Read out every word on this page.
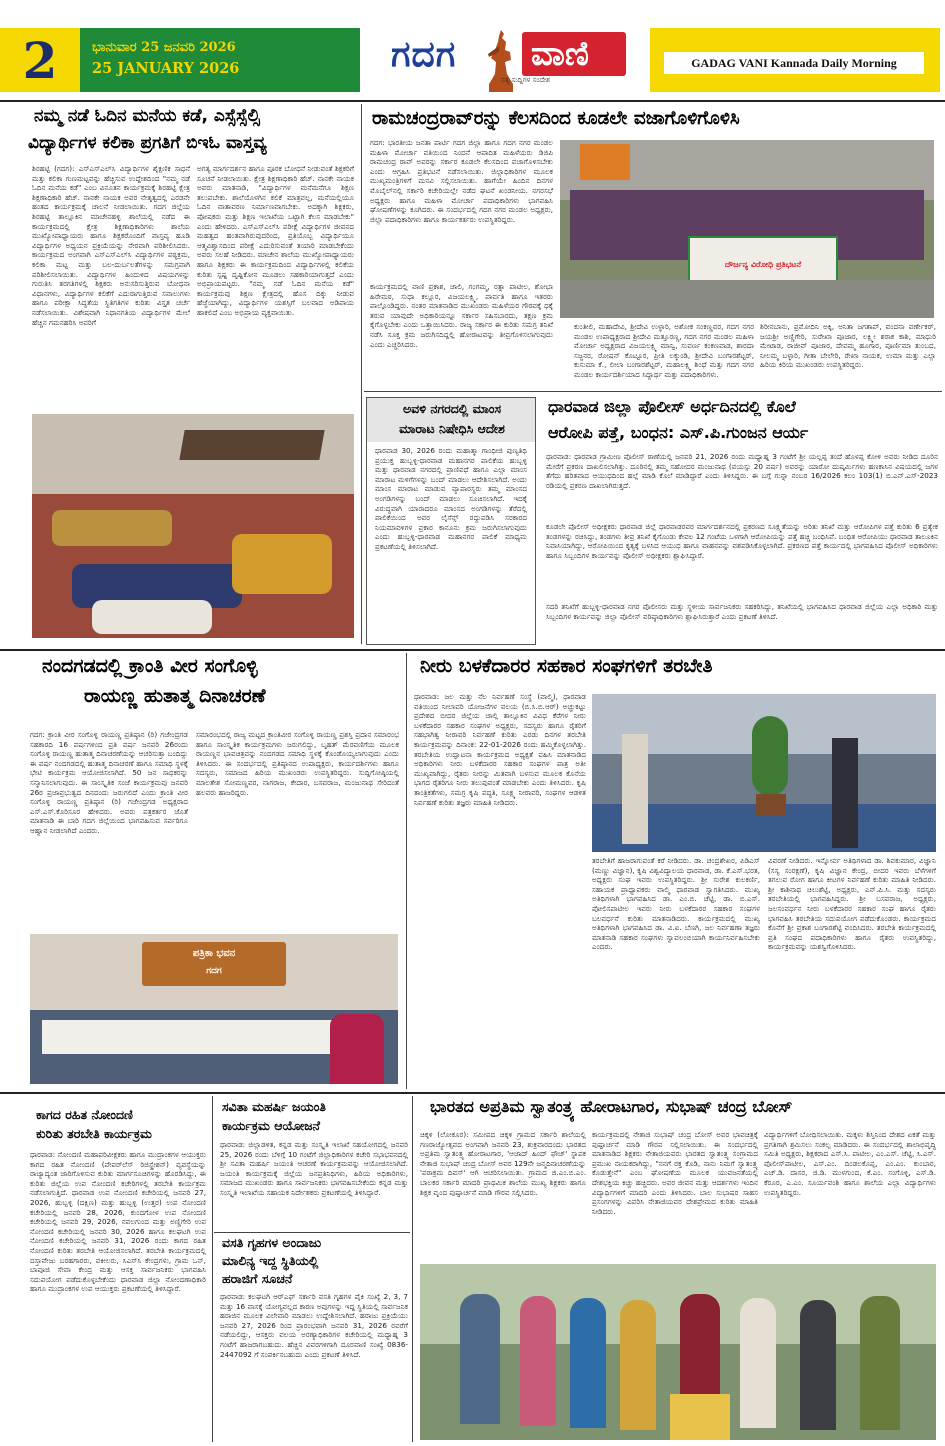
2	ಭಾನುವಾರ 25 ಜನವರಿ 2026
25 JANUARY 2026	ಗದಗ ವಾಣಿ
ಸತ್ಯ ಸುದ್ದಿಗಳ ಸಂದೇಶ
GADAG VANI Kannada Daily Morning
ನಮ್ಮ ನಡೆ ಓದಿನ ಮನೆಯ ಕಡೆ, ಎಸ್ಸೆಸ್ಸೆಲ್ಸಿ
ವಿದ್ಯಾರ್ಥಿಗಳ ಕಲಿಕಾ ಪ್ರಗತಿಗೆ ಬಿಇಓ ವಾಸ್ತವ್ಯ
ಶಿರಹಟ್ಟಿ (ಗದಗ): ಎಸ್‌ಎಸ್‌ಎಲ್‌ಸಿ ವಿದ್ಯಾರ್ಥಿಗಳ ಶೈಕ್ಷಣಿಕ ಸಾಧನೆ ಮತ್ತು ಕಲಿಕಾ ಗುಣಮಟ್ಟವನ್ನು ಹೆಚ್ಚಿಸುವ ಉದ್ದೇಶದಿಂದ "ನಮ್ಮ ನಡೆ ಓದಿನ ಮನೆಯ ಕಡೆ" ಎಂಬ ವಿನೂತನ ಕಾರ್ಯಕ್ರಮಕ್ಕೆ ಶಿರಹಟ್ಟಿ ಕ್ಷೇತ್ರ ಶಿಕ್ಷಣಾಧಿಕಾರಿ ಹೆಚ್. ನಾನಕೇ ನಾಯಕ ಅವರ ನೇತೃತ್ವದಲ್ಲಿ ಎರಡನೇ ಹಂತದ ಕಾರ್ಯಕ್ರಮಕ್ಕೆ ಚಾಲನೆ ನೀಡಲಾಯಿತು. ಗದಗ ಜಿಲ್ಲೆಯ ಶಿರಹಟ್ಟಿ ತಾಲ್ಲೂಕಿನ ಮಾಚೇನಹಳ್ಳಿ ಶಾಲೆಯಲ್ಲಿ ನಡೆದ ಈ ಕಾರ್ಯಕ್ರಮದಲ್ಲಿ ಕ್ಷೇತ್ರ ಶಿಕ್ಷಣಾಧಿಕಾರಿಗಳು ಶಾಲೆಯ ಮುಖ್ಯೋಪಾಧ್ಯಾಯರು ಹಾಗೂ ಶಿಕ್ಷಕರೊಂದಿಗೆ ವಾಸ್ತವ್ಯ ಹೂಡಿ ವಿದ್ಯಾರ್ಥಿಗಳ ಅಧ್ಯಯನ ಪ್ರಕ್ರಿಯೆಯನ್ನು ನೇರವಾಗಿ ಪರಿಶೀಲಿಸಿದರು. ಕಾರ್ಯಕ್ರಮದ ಅಂಗವಾಗಿ ಎಸ್‌ಎಸ್‌ಎಲ್‌ಸಿ ವಿದ್ಯಾರ್ಥಿಗಳ ಪಠ್ಯಕ್ರಮ, ಕಲಿಕಾ ಮಟ್ಟ ಮತ್ತು ಬಲ-ದುರ್ಬಲತೆಗಳನ್ನು ಸಮಗ್ರವಾಗಿ ಪರಿಶೀಲಿಸಲಾಯಿತು. ವಿದ್ಯಾರ್ಥಿಗಳ ಹಿಂದುಳಿದ ವಿಷಯಗಳನ್ನು ಗುರುತಿಸಿ ತರಗತಿಗಳಲ್ಲಿ ಶಿಕ್ಷಕರು ಅನುಸರಿಸುತ್ತಿರುವ ಬೋಧನಾ ವಿಧಾನಗಳು, ವಿದ್ಯಾರ್ಥಿಗಳ ಕಲಿಕೆಗೆ ಎದುರಾಗುತ್ತಿರುವ ಸವಾಲುಗಳು ಹಾಗೂ ಪರೀಕ್ಷಾ ಸಿದ್ಧತೆಯ ಸ್ಥಿತಿಗತಿಗಳ ಕುರಿತು ವಿಸ್ತೃತ ಚರ್ಚೆ ನಡೆಸಲಾಯಿತು. ವಿಶೇಷವಾಗಿ ನಿಧಾನಗತಿಯ ವಿದ್ಯಾರ್ಥಿಗಳ ಮೇಲೆ ಹೆಚ್ಚಿನ ಗಮನಹರಿಸಿ ಅವರಿಗೆ
ಅಗತ್ಯ ಮಾರ್ಗದರ್ಶನ ಹಾಗೂ ಪೂರಕ ಬೋಧನೆ ನೀಡುವಂತೆ ಶಿಕ್ಷಕರಿಗೆ ಸೂಚನೆ ನೀಡಲಾಯಿತು. ಕ್ಷೇತ್ರ ಶಿಕ್ಷಣಾಧಿಕಾರಿ ಹೆಚ್. ನಾನಕೇ ನಾಯಕ ಅವರು ಮಾತನಾಡಿ, "ವಿದ್ಯಾರ್ಥಿಗಳ ಮನೆಮನೆಗೂ ಶಿಕ್ಷಣ ತಲುಪಬೇಕು. ಶಾಲೆಯೊಳಗಿನ ಕಲಿಕೆ ಮಾತ್ರವಲ್ಲ, ಮನೆಯಲ್ಲಿಯೂ ಓದಿನ ವಾತಾವರಣ ನಿರ್ಮಾಣವಾಗಬೇಕು. ಅದಕ್ಕಾಗಿ ಶಿಕ್ಷಕರು, ಪೋಷಕರು ಮತ್ತು ಶಿಕ್ಷಣ ಇಲಾಖೆಯ ಒಟ್ಟಾಗಿ ಕೆಲಸ ಮಾಡಬೇಕು" ಎಂದು ಹೇಳಿದರು. ಎಸ್‌ಎಸ್‌ಎಲ್‌ಸಿ ಪರೀಕ್ಷೆ ವಿದ್ಯಾರ್ಥಿಗಳ ಜೀವನದ ಮಹತ್ವದ ಹಂತವಾಗಿರುವುದರಿಂದ, ಪ್ರತಿಯೊಬ್ಬ ವಿದ್ಯಾರ್ಥಿಯೂ ಆತ್ಮವಿಶ್ವಾಸದಿಂದ ಪರೀಕ್ಷೆ ಎದುರಿಸುವಂತೆ ತಯಾರಿ ಮಾಡಬೇಕೆಂದು ಅವರು ಸಲಹೆ ನೀಡಿದರು. ಮಾಚೇನ ಶಾಲೆಯ ಮುಖ್ಯೋಪಾಧ್ಯಾಯರು ಹಾಗೂ ಶಿಕ್ಷಕರು ಈ ಕಾರ್ಯಕ್ರಮದಿಂದ ವಿದ್ಯಾರ್ಥಿಗಳಲ್ಲಿ ಕಲಿಕೆಯ ಕುರಿತು ಸ್ಪಷ್ಟ ದೃಷ್ಟಿಕೋನ ಮೂಡಲು ಸಹಕಾರಿಯಾಗುತ್ತದೆ ಎಂದು ಅಭಿಪ್ರಾಯಪಟ್ಟರು. "ನಮ್ಮ ನಡೆ ಓದಿನ ಮನೆಯ ಕಡೆ" ಕಾರ್ಯಕ್ರಮವು ಶಿಕ್ಷಣ ಕ್ಷೇತ್ರದಲ್ಲಿ ಹೊಸ ದಿಕ್ಕು ನೀಡುವ ಹೆಜ್ಜೆಯಾಗಿದ್ದು, ವಿದ್ಯಾರ್ಥಿಗಳ ಯಶಸ್ಸಿಗೆ ಬಲವಾದ ಅಡಿಪಾಯ ಹಾಕಲಿದೆ ಎಂಬ ಅಭಿಪ್ರಾಯ ವ್ಯಕ್ತವಾಯಿತು.
ರಾಮಚಂದ್ರರಾವ್‌ರನ್ನು ಕೆಲಸದಿಂದ ಕೂಡಲೇ ವಜಾಗೊಳಿಗೊಳಿಸಿ
ಗದಗ: ಭಾರತೀಯ ಜನತಾ ಪಾರ್ಟಿ ಗದಗ ಜಿಲ್ಲಾ ಹಾಗೂ ಗದಗ ನಗರ ಮಂಡಲ ಮಹಿಳಾ ಮೋರ್ಚಾ ವತಿಯಿಂದ ನಿಂದನೆ ಆಪಾದಿತ ಮಹಿಳೆಯರು ಡಿಜಿಪಿ ರಾಮಚಂದ್ರ ರಾವ್ ಅವರನ್ನು ಸರ್ಕಾರ ಕೂಡಲೇ ಕೆಲಸದಿಂದ ವಜಾಗೊಳಿಸಬೇಕು ಎಂದು ಆಗ್ರಹಿಸಿ ಪ್ರತಿಭಟನೆ ನಡೆಸಲಾಯಿತು. ಜಿಲ್ಲಾಧಿಕಾರಿಗಳ ಮೂಲಕ ಮುಖ್ಯಮಂತ್ರಿಗಳಿಗೆ ಮನವಿ ಸಲ್ಲಿಸಲಾಯಿತು. ಹಾಗೆಯೇ ಹಿಂದಿನ ದಿನಗಳ ಮೊಬೈಲ್‌ನಲ್ಲಿ ಸರ್ಕಾರಿ ಕಚೇರಿಯಲ್ಲೇ ನಡೆದ ಘಟನೆ ಖಂಡನೀಯ. ನಗರಸಭೆ ಅಧ್ಯಕ್ಷರು ಹಾಗೂ ಮಹಿಳಾ ಮೋರ್ಚಾ ಪದಾಧಿಕಾರಿಗಳು ಭಾಗವಹಿಸಿ ಘೋಷಣೆಗಳನ್ನು ಕೂಗಿದರು. ಈ ಸಂದರ್ಭದಲ್ಲಿ ಗದಗ ನಗರ ಮಂಡಲ ಅಧ್ಯಕ್ಷರು, ಜಿಲ್ಲಾ ಪದಾಧಿಕಾರಿಗಳು ಹಾಗೂ ಕಾರ್ಯಕರ್ತರು ಉಪಸ್ಥಿತರಿದ್ದರು.
ಕಾರ್ಯಕ್ರಮದಲ್ಲಿ ವಾಣಿ ಪ್ರಕಾಶ, ಜಾಲಿ, ಗಂಗಮ್ಮ, ರತ್ನಾ ಪಾಟೀಲ, ಶೋಭಾ ಹಿರೇಮಠ, ಸುಧಾ ಕಲ್ಲೂರ, ವಿಜಯಲಕ್ಷ್ಮಿ, ಪಾರ್ವತಿ ಹಾಗೂ ಇತರರು ಪಾಲ್ಗೊಂಡಿದ್ದರು. ನಂತರ ಮಾತನಾಡಿದ ಮುಖಂಡರು ಮಹಿಳೆಯರ ಗೌರವಕ್ಕೆ ಧಕ್ಕೆ ತರುವ ಯಾವುದೇ ಅಧಿಕಾರಿಯನ್ನೂ ಸರ್ಕಾರ ಸಹಿಸಬಾರದು, ತಕ್ಷಣ ಕ್ರಮ ಕೈಗೊಳ್ಳಬೇಕು ಎಂದು ಒತ್ತಾಯಿಸಿದರು. ರಾಜ್ಯ ಸರ್ಕಾರ ಈ ಕುರಿತು ಸಮಗ್ರ ತನಿಖೆ ನಡೆಸಿ ಸೂಕ್ತ ಕ್ರಮ ಜರುಗಿಸದಿದ್ದಲ್ಲಿ ಹೋರಾಟವನ್ನು ತೀವ್ರಗೊಳಿಸಲಾಗುವುದು ಎಂದು ಎಚ್ಚರಿಸಿದರು.
ದೌರ್ಜನ್ಯ ವಿರೋಧಿ ಪ್ರತಿಭಟನೆ
ಕುಂತೀಲಿ, ಮಹಾದೇವಿ, ಶ್ರೀದೇವಿ ಉಳ್ಳಾರಿ, ಅಶೋಕ ಸಂಕಣ್ಣವರ, ಗದಗ ನಗರ ಮಂಡಲ ಉಪಾಧ್ಯಕ್ಷರಾದ ಶ್ರೀದೇವಿ ಮತ್ತೂರಣ್ಣ, ಗದಗ ನಗರ ಮಂಡಲ ಮಹಿಳಾ ಮೋರ್ಚಾ ಅಧ್ಯಕ್ಷರಾದ ವಿಜಯಲಕ್ಷ್ಮಿ ಮಾನ್ವಿ, ಸುವರ್ಣ ಕಂಕಣವಾಡ, ಶಾರದಾ ಸಜ್ಜನರ, ರೋಷನ್ ಕೊಟ್ಟೂರ, ಪ್ರೀತಿ ಲಕ್ಕುಂಡಿ, ಶ್ರೀದೇವಿ ಬಂಗಾರಶೆಟ್ಟರ್, ಕುಸುಮಾ ಕೆ., ಲೀಲಾ ಬಂಗಾರಶೆಟ್ಟರ್, ಮಹಾಲಕ್ಷ್ಮಿ ಶಿಂಧೆ ಮತ್ತು ಗದಗ ನಗರ ಮಂಡಲ ಕಾರ್ಯದರ್ಶಿಯಾದ ಸಿದ್ದಾರ್ಥ ಮತ್ತು ಪದಾಧಿಕಾರಿಗಳು.
ಶಿರೀನಬಾನು, ಪ್ರಮೋದಿನಿ ಅಕ್ಕಿ, ಅನಿತಾ ಜಗತಾಪ್, ವಂದನಾ ವರ್ಣೇಕರ್, ಜಯಶ್ರೀ ಅಣ್ಣಿಗೇರಿ, ಸುರೇಖಾ ಪೂಜಾರ, ಲಕ್ಷ್ಮೀ ಶರಾಕ ಕಾಶಿ, ಮಾಧುರಿ ಮೇಟಾಡ, ರಾಜೀವ್ ಪೂಜಾರ, ದೇವಮ್ಮ ಹೂಗಾರ, ಪೂರ್ಣಿಮಾ ತುಂಬದ, ನೀಲಮ್ಮ ಬಳ್ಳಾರಿ, ಗೀತಾ ಬೇಲೇರಿ, ರೇಖಾ ನಾಯಕ, ಉಮಾ ಮತ್ತು ಎಲ್ಲಾ ಹಿರಿಯ ಕಿರಿಯ ಮುಖಂಡರು ಉಪಸ್ಥಿತರಿದ್ದರು.
ಅವಳಿ ನಗರದಲ್ಲಿ ಮಾಂಸ
ಮಾರಾಟ ನಿಷೇಧಿಸಿ ಆದೇಶ
ಧಾರವಾಡ 30, 2026 ರಂದು ಮಹಾತ್ಮಾ ಗಾಂಧೀಜಿ ಪುಣ್ಯತಿಥಿ ಪ್ರಯುಕ್ತ ಹುಬ್ಬಳ್ಳಿ-ಧಾರವಾಡ ಮಹಾನಗರ ಪಾಲಿಕೆಯ ಹುಬ್ಬಳ್ಳಿ ಮತ್ತು ಧಾರವಾಡ ನಗರದಲ್ಲಿ ಪ್ರಾಣಿವಧೆ ಹಾಗೂ ಎಲ್ಲಾ ಮಾಂಸ ಮಾರಾಟ ಮಳಿಗೆಗಳನ್ನು ಬಂದ್ ಮಾಡಲು ಆದೇಶಿಸಲಾಗಿದೆ. ಅಂದು ಮಾಂಸ ಮಾರಾಟ ಮಾಡುವ ವ್ಯಾಪಾರಸ್ಥರು ತಮ್ಮ ಮಾಂಸದ ಅಂಗಡಿಗಳನ್ನು ಬಂದ್ ಮಾಡಲು ಸೂಚಿಸಲಾಗಿದೆ. ಇದಕ್ಕೆ ವಿರುದ್ಧವಾಗಿ ಯಾರಾದರೂ ಮಾಂಸದ ಅಂಗಡಿಗಳನ್ನು ತೆರೆದಲ್ಲಿ ಪಾಲಿಕೆಯಿಂದ ಅವರ ಲೈಸೆನ್ಸ್ ರದ್ದುಪಡಿಸಿ ಸರಕಾರದ ನಿಯಮಾವಳಿಗಳ ಪ್ರಕಾರ ಕಾನೂನು ಕ್ರಮ ಜರುಗಿಸಲಾಗುವುದು ಎಂದು ಹುಬ್ಬಳ್ಳಿ-ಧಾರವಾಡ ಮಹಾನಗರ ಪಾಲಿಕೆ ಮಾಧ್ಯಮ ಪ್ರಕಟಣೆಯಲ್ಲಿ ತಿಳಿಸಲಾಗಿದೆ.
ಧಾರವಾಡ ಜಿಲ್ಲಾ ಪೊಲೀಸ್ ಅರ್ಧದಿನದಲ್ಲಿ ಕೊಲೆ
ಆರೋಪಿ ಪತ್ತೆ, ಬಂಧನ: ಎಸ್.ಪಿ.ಗುಂಜನ ಆರ್ಯ
ಧಾರವಾಡ: ಧಾರವಾಡ ಗ್ರಾಮೀಣ ಪೊಲೀಸ್ ಠಾಣೆಯಲ್ಲಿ ಜನವರಿ 21, 2026 ರಂದು ಮಧ್ಯಾಹ್ನ 3 ಗಂಟೆಗೆ ಶ್ರೀ ಯಲ್ಲಪ್ಪ ತಂದೆ ಹೊಳಪ್ಪ ಕೋಳಿ ಅವರು ನೀಡಿದ ದೂರಿನ ಮೇರೆಗೆ ಪ್ರಕರಣ ದಾಖಲಿಸಲಾಗಿತ್ತು. ದೂರಿನಲ್ಲಿ ತಮ್ಮ ಸಹೋದರ ಮಂಜುನಾಥ (ವಯಸ್ಸು 20 ವರ್ಷ) ಅವರನ್ನು ಯಾರೋ ದುಷ್ಕರ್ಮಿಗಳು ಹಣಕಾಸಿನ ವಿಷಯದಲ್ಲಿ ಜಗಳ ತೆಗೆದು ಹರಿತವಾದ ಆಯುಧದಿಂದ ಹಲ್ಲೆ ಮಾಡಿ ಕೊಲೆ ಮಾಡಿದ್ದಾರೆ ಎಂದು ತಿಳಿಸಿದ್ದರು. ಈ ಬಗ್ಗೆ ಗುನ್ನಾ ನಂಬರ 16/2026 ಕಲಂ 103(1) ಬಿ.ಎನ್.ಎಸ್-2023 ರಡಿಯಲ್ಲಿ ಪ್ರಕರಣ ದಾಖಲಾಗಿರುತ್ತದೆ.
ಕೂಡಲೇ ಪೊಲೀಸ್ ಅಧೀಕ್ಷಕರು ಧಾರವಾಡ ಜಿಲ್ಲೆ ಧಾರವಾಡರವರ ಮಾರ್ಗದರ್ಶನದಲ್ಲಿ ಪ್ರಕರಣದ ಸೂಕ್ಷ್ಮತೆಯನ್ನು ಅರಿತು ತನಿಖೆ ಮತ್ತು ಆರೋಪಿಗಳ ಪತ್ತೆ ಕುರಿತು 6 ಪ್ರತ್ಯೇಕ ತಂಡಗಳನ್ನು ರಚಿಸಿದ್ದು, ತಂಡಗಳು ತೀವ್ರ ತನಿಖೆ ಕೈಗೊಂಡು ಕೇವಲ 12 ಗಂಟೆಯ ಒಳಗಾಗಿ ಆರೋಪಿಯನ್ನು ಪತ್ತೆ ಹಚ್ಚಿ ಬಂಧಿಸಿವೆ. ಬಂಧಿತ ಆರೋಪಿಯು ಧಾರವಾಡ ತಾಲೂಕಿನ ನಿವಾಸಿಯಾಗಿದ್ದು, ಆರೋಪಿಯಿಂದ ಕೃತ್ಯಕ್ಕೆ ಬಳಸಿದ ಆಯುಧ ಹಾಗೂ ವಾಹನವನ್ನು ವಶಪಡಿಸಿಕೊಳ್ಳಲಾಗಿದೆ. ಪ್ರಕರಣದ ಪತ್ತೆ ಕಾರ್ಯದಲ್ಲಿ ಭಾಗವಹಿಸಿದ ಪೊಲೀಸ್ ಅಧಿಕಾರಿಗಳು ಹಾಗೂ ಸಿಬ್ಬಂದಿಗಳ ಕಾರ್ಯವನ್ನು ಪೊಲೀಸ್ ಅಧೀಕ್ಷಕರು ಶ್ಲಾಘಿಸಿದ್ದಾರೆ.
ಸದರಿ ತನಿಖೆಗೆ ಹುಬ್ಬಳ್ಳಿ-ಧಾರವಾಡ ನಗರ ಪೊಲೀಸರು ಮತ್ತು ಸ್ಥಳೀಯ ಸಾರ್ವಜನಿಕರು ಸಹಕರಿಸಿದ್ದು, ತನಿಖೆಯಲ್ಲಿ ಭಾಗವಹಿಸಿದ ಧಾರವಾಡ ಜಿಲ್ಲೆಯ ಎಲ್ಲಾ ಅಧಿಕಾರಿ ಮತ್ತು ಸಿಬ್ಬಂದಿಗಳ ಕಾರ್ಯವನ್ನು ಜಿಲ್ಲಾ ಪೊಲೀಸ್ ವರಿಷ್ಠಾಧಿಕಾರಿಗಳು ಶ್ಲಾಘಿಸಿರುತ್ತಾರೆ ಎಂದು ಪ್ರಕಟಣೆ ತಿಳಿಸಿದೆ.
ನಂದಗಡದಲ್ಲಿ ಕ್ರಾಂತಿ ವೀರ ಸಂಗೊಳ್ಳಿ
ರಾಯಣ್ಣ ಹುತಾತ್ಮ ದಿನಾಚರಣೆ
ಗದಗ: ಕ್ರಾಂತಿ ವೀರ ಸಂಗೊಳ್ಳಿ ರಾಯಣ್ಣ ಪ್ರತಿಷ್ಠಾನ (ರಿ) ಗಜೇಂದ್ರಗಡ ಸಹಕಾರದಿ 16 ವರ್ಷಗಳಿಂದ ಪ್ರತಿ ವರ್ಷ ಜನವರಿ 26ರಂದು ಸಂಗೊಳ್ಳಿ ರಾಯಣ್ಣ ಹುತಾತ್ಮ ದಿನಾಚರಣೆಯನ್ನು ಆಚರಿಸುತ್ತಾ ಬಂದಿದ್ದು ಈ ವರ್ಷ ನಂದಗಡದಲ್ಲಿ ಹುತಾತ್ಮ ದಿನಾಚರಣೆ ಹಾಗೂ ಸಮಾಧಿ ಸ್ಥಳಕ್ಕೆ ಭೇಟಿ ಕಾರ್ಯಕ್ರಮ ಆಯೋಜಿಸಲಾಗಿದೆ. 50 ಜನ ಸಾಧಕರನ್ನು ಸನ್ಮಾನಿಸಲಾಗುವುದು. ಈ ಸಾಂಸ್ಕೃತಿಕ ಸಂಜೆ ಕಾರ್ಯಕ್ರಮವು ಜನವರಿ 26ರ ಪ್ರಜಾಪ್ರಭುತ್ವದ ದಿನದಂದು ಜರುಗಲಿದೆ ಎಂದು ಕ್ರಾಂತಿ ವೀರ ಸಂಗೊಳ್ಳಿ ರಾಯಣ್ಣ ಪ್ರತಿಷ್ಠಾನ (ರಿ) ಗಜೇಂದ್ರಗಡ ಅಧ್ಯಕ್ಷರಾದ ಎಸ್.ಎಸ್.ಕೊರಿಸೂರ ಹೇಳಿದರು. ಅವರು ಪತ್ರಕರ್ತರ ಜೊತೆ ಮಾತನಾಡಿ ಈ ಬಾರಿ ಗದಗ ಜಿಲ್ಲೆಯಿಂದ ಭಾಗವಹಿಸುವ ಸರ್ವರಿಗೂ ಆಹ್ವಾನ ನೀಡಲಾಗಿದೆ ಎಂದರು.
ಸಮಾರಂಭದಲ್ಲಿ ರಾಜ್ಯ ಮಟ್ಟದ ಕ್ರಾಂತಿವೀರ ಸಂಗೊಳ್ಳಿ ರಾಯಣ್ಣ ಪ್ರಶಸ್ತಿ ಪ್ರದಾನ ಸಮಾರಂಭ ಹಾಗೂ ಸಾಂಸ್ಕೃತಿಕ ಕಾರ್ಯಕ್ರಮಗಳು ಜರುಗಲಿದ್ದು, ಬೃಹತ್ ಮೆರವಣಿಗೆಯ ಮೂಲಕ ರಾಯಣ್ಣನ ಭಾವಚಿತ್ರವನ್ನು ನಂದಗಡದ ಸಮಾಧಿ ಸ್ಥಳಕ್ಕೆ ಕೊಂಡೊಯ್ಯಲಾಗುವುದು ಎಂದು ತಿಳಿಸಿದರು. ಈ ಸಂದರ್ಭದಲ್ಲಿ ಪ್ರತಿಷ್ಠಾನದ ಉಪಾಧ್ಯಕ್ಷರು, ಕಾರ್ಯದರ್ಶಿಗಳು ಹಾಗೂ ಸದಸ್ಯರು, ಸಮಾಜದ ಹಿರಿಯ ಮುಖಂಡರು ಉಪಸ್ಥಿತರಿದ್ದರು. ಸುದ್ದಿಗೋಷ್ಠಿಯಲ್ಲಿ ಮಾಲತೇಶ ಸೋಮಣ್ಣವರ, ನಾಗರಾಜ, ಕೇದಾರ, ಬಸವರಾಜ, ಮಂಜುನಾಥ ಸೇರಿದಂತೆ ಹಲವರು ಹಾಜರಿದ್ದರು.
ಪತ್ರಿಕಾ ಭವನ
ಗದಗ
ನೀರು ಬಳಕೆದಾರರ ಸಹಕಾರ ಸಂಘಗಳಿಗೆ ತರಬೇತಿ
ಧಾರವಾಡ: ಜಲ ಮತ್ತು ನೆಲ ನಿರ್ವಹಣೆ ಸಂಸ್ಥೆ (ವಾಲ್ಮಿ), ಧಾರವಾಡ ವತಿಯಿಂದ ನೀಲಾವರಿ ಯೋಜನೆಗಳ ವಲಯ (ಬಿ.ಸಿ.ಬಿ.ಆರ್) ಅಚ್ಚುಕಟ್ಟು ಪ್ರದೇಶದ ಬೀದರ ಜಿಲ್ಲೆಯ ಜಾಲ್ಗಿ ತಾಲ್ಲೂಕಿನ ವಿವಿಧ ಕೆರೆಗಳ ನೀರು ಬಳಕೆದಾರರ ಸಹಕಾರ ಸಂಘಗಳ ಅಧ್ಯಕ್ಷರು, ಸದಸ್ಯರು ಹಾಗೂ ರೈತರಿಗೆ ಸಹಭಾಗಿತ್ವ ನೀರಾವರಿ ನಿರ್ವಹಣೆ ಕುರಿತು ಎರಡು ದಿನಗಳ ತರಬೇತಿ ಕಾರ್ಯಕ್ರಮವನ್ನು ದಿನಾಂಕ: 22-01-2026 ರಂದು ಹಮ್ಮಿಕೊಳ್ಳಲಾಗಿತ್ತು. ತರಬೇತಿಯ ಉದ್ಘಾಟನಾ ಕಾರ್ಯಕ್ರಮದ ಅಧ್ಯಕ್ಷತೆ ವಹಿಸಿ ಮಾತನಾಡಿದ ಅಧಿಕಾರಿಗಳು ನೀರು ಬಳಕೆದಾರರ ಸಹಕಾರ ಸಂಘಗಳ ಪಾತ್ರ ಅತೀ ಮುಖ್ಯವಾಗಿದ್ದು, ರೈತರು ನೀರನ್ನು ಮಿತವಾಗಿ ಬಳಸುವ ಮೂಲಕ ಕೊನೆಯ ಭಾಗದ ರೈತರಿಗೂ ನೀರು ತಲುಪುವಂತೆ ಮಾಡಬೇಕು ಎಂದು ತಿಳಿಸಿದರು. ಕೃಷಿ ತಾಂತ್ರಿಕತೆಗಳು, ಸಮಗ್ರ ಕೃಷಿ ಪದ್ಧತಿ, ಸೂಕ್ಷ್ಮ ನೀರಾವರಿ, ಸಂಘಗಳ ಆಡಳಿತ ನಿರ್ವಹಣೆ ಕುರಿತು ತಜ್ಞರು ಮಾಹಿತಿ ನೀಡಿದರು.
ತರಬೇತಿಗೆ ಹಾಜರಾಗುವಂತೆ ಕರೆ ನೀಡಿದರು. ಡಾ. ಚಂದ್ರಶೇಖರ, ಪಿಡಿಎಸ್‌ (ಮಣ್ಣು ವಿಜ್ಞಾನ), ಕೃಷಿ ವಿಶ್ವವಿದ್ಯಾಲಯ ಧಾರವಾಡ, ಡಾ. ಕೆ.ಎಸ್.ಭರತ, ಅಧ್ಯಕ್ಷರು ಸಂಘ ಇವರು ಉಪಸ್ಥಿತರಿದ್ದರು. ಶ್ರೀ ಸುರೇಶ ಕುಲಕರ್ಣಿ, ಸಹಾಯಕ ಪ್ರಾಧ್ಯಾಪಕರು ವಾಲ್ಮಿ ಧಾರವಾಡ ಸ್ವಾಗತಿಸಿದರು. ಮುಖ್ಯ ಅತಿಥಿಗಳಾಗಿ ಭಾಗವಹಿಸಿದ ಡಾ. ಎಂ.ಬಿ. ಚೆಟ್ಟಿ, ಡಾ. ಬಿ.ಎಸ್. ಪೋಲಿಸಪಾಟೀಲ ಇವರು ನೀರು ಬಳಕೆದಾರರ ಸಹಕಾರ ಸಂಘಗಳ ಬಲವರ್ಧನೆ ಕುರಿತು ಮಾತನಾಡಿದರು. ಕಾರ್ಯಕ್ರಮದಲ್ಲಿ ಮುಖ್ಯ ಅತಿಥಿಗಳಾಗಿ ಭಾಗವಹಿಸಿದ ಡಾ. ವಿ.ಐ. ಬೆಣಗಿ, ಜಲ ನಿರ್ವಹಣಾ ತಜ್ಞರು ಮಾತನಾಡಿ ಸಹಕಾರ ಸಂಘಗಳು ಸ್ವಾವಲಂಬಿಯಾಗಿ ಕಾರ್ಯನಿರ್ವಹಿಸಬೇಕು ಎಂದರು.
ವಿವರಣೆ ನೀಡಿದರು. ಇನ್ನೋರ್ವ ಅತಿಥಿಗಳಾದ ಡಾ. ಶಿವಕುಮಾರ, ವಿಜ್ಞಾನಿ (ಸಸ್ಯ ಸಂರಕ್ಷಣೆ), ಕೃಷಿ ವಿಜ್ಞಾನ ಕೇಂದ್ರ, ಬೀದರ ಇವರು ಬೆಳೆಗಳಿಗೆ ತಗಲುವ ರೋಗ ಹಾಗೂ ಕೀಟಗಳ ನಿರ್ವಹಣೆ ಕುರಿತು ಮಾಹಿತಿ ನೀಡಿದರು. ಶ್ರೀ ಕಾಶಿನಾಥ ಚಿಲುಶೆಟ್ಟಿ, ಅಧ್ಯಕ್ಷರು, ಎನ್.ಪಿ.ಸಿ. ಮತ್ತು ಸದಸ್ಯರು ತರಬೇತಿಯಲ್ಲಿ ಭಾಗವಹಿಸಿದ್ದರು. ಶ್ರೀ ಬಸವರಾಜ, ಅಧ್ಯಕ್ಷರು, ಜಲಸಂವರ್ಧನ ನೀರು ಬಳಕೆದಾರರ ಸಹಕಾರ ಸಂಘ ಹಾಗೂ ರೈತರು ಭಾಗವಹಿಸಿ ತರಬೇತಿಯ ಸದುಪಯೋಗ ಪಡೆದುಕೊಂಡರು. ಕಾರ್ಯಕ್ರಮದ ಕೊನೆಗೆ ಶ್ರೀ ಪ್ರಕಾಶ ಬಂಗಾರಶೆಟ್ಟಿ ವಂದಿಸಿದರು. ತರಬೇತಿ ಕಾರ್ಯಕ್ರಮದಲ್ಲಿ ಪ್ರತಿ ಸಂಘದ ಪದಾಧಿಕಾರಿಗಳು ಹಾಗೂ ರೈತರು ಉಪಸ್ಥಿತರಿದ್ದು, ಕಾರ್ಯಕ್ರಮವನ್ನು ಯಶಸ್ವಿಗೊಳಿಸಿದರು.
ಕಾಗದ ರಹಿತ ನೋಂದಣಿ
ಕುರಿತು ತರಬೇತಿ ಕಾರ್ಯಕ್ರಮ
ಧಾರವಾಡ: ನೋಂದಣಿ ಮಹಾಪರಿವೀಕ್ಷಕರು ಹಾಗೂ ಮುದ್ರಾಂಕಗಳ ಆಯುಕ್ತರು ಕಾಗದ ರಹಿತ ನೋಂದಣಿ (ಪೇಪರ್‌ಲೆಸ್ ರಿಜಿಸ್ಟ್ರೇಶನ್) ವ್ಯವಸ್ಥೆಯನ್ನು ರಾಜ್ಯಾದ್ಯಂತ ಜಾರಿಗೊಳಿಸುವ ಕುರಿತು ಮಾರ್ಗಸೂಚಿಗಳನ್ನು ಹೊರಡಿಸಿದ್ದು, ಈ ಕುರಿತು ಜಿಲ್ಲೆಯ ಉಪ ನೋಂದಣಿ ಕಚೇರಿಗಳಲ್ಲಿ ತರಬೇತಿ ಕಾರ್ಯಕ್ರಮ ನಡೆಸಲಾಗುತ್ತಿದೆ. ಧಾರವಾಡ ಉಪ ನೋಂದಣಿ ಕಚೇರಿಯಲ್ಲಿ ಜನವರಿ 27, 2026, ಹುಬ್ಬಳ್ಳಿ (ದಕ್ಷಿಣ) ಮತ್ತು ಹುಬ್ಬಳ್ಳಿ (ಉತ್ತರ) ಉಪ ನೋಂದಣಿ ಕಚೇರಿಯಲ್ಲಿ ಜನವರಿ 28, 2026, ಕುಂದಗೋಳ ಉಪ ನೋಂದಣಿ ಕಚೇರಿಯಲ್ಲಿ ಜನವರಿ 29, 2026, ನವಲಗುಂದ ಮತ್ತು ಅಣ್ಣಿಗೇರಿ ಉಪ ನೋಂದಣಿ ಕಚೇರಿಯಲ್ಲಿ ಜನವರಿ 30, 2026 ಹಾಗೂ ಕಲಘಟಗಿ ಉಪ ನೋಂದಣಿ ಕಚೇರಿಯಲ್ಲಿ ಜನವರಿ 31, 2026 ರಂದು ಕಾಗದ ರಹಿತ ನೋಂದಣಿ ಕುರಿತು ತರಬೇತಿ ಆಯೋಜಿಸಲಾಗಿದೆ. ತರಬೇತಿ ಕಾರ್ಯಕ್ರಮದಲ್ಲಿ ದಸ್ತಾವೇಜು ಬರಹಗಾರರು, ವಕೀಲರು, ಸಿಎಸ್‌ಸಿ ಕೇಂದ್ರಗಳು, ಗ್ರಾಮ ಒನ್, ಬಾಪೂಜಿ ಸೇವಾ ಕೇಂದ್ರ ಮತ್ತು ಆಸಕ್ತ ಸಾರ್ವಜನಿಕರು ಭಾಗವಹಿಸಿ ಸದುಪಯೋಗ ಪಡೆದುಕೊಳ್ಳಬೇಕೆಂದು ಧಾರವಾಡ ಜಿಲ್ಲಾ ನೋಂದಣಾಧಿಕಾರಿ ಹಾಗೂ ಮುದ್ರಾಂಕಗಳ ಉಪ ಆಯುಕ್ತರು ಪ್ರಕಟಣೆಯಲ್ಲಿ ತಿಳಿಸಿದ್ದಾರೆ.
ಸವಿತಾ ಮಹರ್ಷಿ ಜಯಂತಿ
ಕಾರ್ಯಕ್ರಮ ಆಯೋಜನೆ
ಧಾರವಾಡ: ಜಿಲ್ಲಾಡಳಿತ, ಕನ್ನಡ ಮತ್ತು ಸಂಸ್ಕೃತಿ ಇಲಾಖೆ ಸಹಯೋಗದಲ್ಲಿ ಜನವರಿ 25, 2026 ರಂದು ಬೆಳಿಗ್ಗೆ 10 ಗಂಟೆಗೆ ಜಿಲ್ಲಾಧಿಕಾರಿಗಳ ಕಚೇರಿ ಸಭಾಭವನದಲ್ಲಿ ಶ್ರೀ ಸವಿತಾ ಮಹರ್ಷಿ ಜಯಂತಿ ಆಚರಣೆ ಕಾರ್ಯಕ್ರಮವನ್ನು ಆಯೋಜಿಸಲಾಗಿದೆ. ಜಯಂತಿ ಕಾರ್ಯಕ್ರಮಕ್ಕೆ ಜಿಲ್ಲೆಯ ಜನಪ್ರತಿನಿಧಿಗಳು, ಹಿರಿಯ ಅಧಿಕಾರಿಗಳು, ಸಮಾಜದ ಮುಖಂಡರು ಹಾಗೂ ಸಾರ್ವಜನಿಕರು ಭಾಗವಹಿಸಬೇಕೆಂದು ಕನ್ನಡ ಮತ್ತು ಸಂಸ್ಕೃತಿ ಇಲಾಖೆಯ ಸಹಾಯಕ ನಿರ್ದೇಶಕರು ಪ್ರಕಟಣೆಯಲ್ಲಿ ತಿಳಿಸಿದ್ದಾರೆ.
ವಸತಿ ಗೃಹಗಳ ಅಂದಾಜು
ಮಾಲಿನ್ಯ ಇದ್ದ ಸ್ಥಿತಿಯಲ್ಲಿ
ಹರಾಜಿಗೆ ಸೂಚನೆ
ಧಾರವಾಡ: ಕಲಘಟಗಿ ಆರ್‌ಎಫ್ ಸರ್ಕಾರಿ ವಸತಿ ಗೃಹಗಳ ಪೈಕಿ ಸಂಖ್ಯೆ 2, 3, 7 ಮತ್ತು 16 ವಾಸಕ್ಕೆ ಯೋಗ್ಯವಲ್ಲದ ಕಾರಣ ಅವುಗಳನ್ನು ಇದ್ದ ಸ್ಥಿತಿಯಲ್ಲಿ ಸಾರ್ವಜನಿಕ ಹರಾಜಿನ ಮೂಲಕ ವಿಲೇವಾರಿ ಮಾಡಲು ಉದ್ದೇಶಿಸಲಾಗಿದೆ. ಹರಾಜು ಪ್ರಕ್ರಿಯೆಯು ಜನವರಿ 27, 2026 ರಿಂದ ಪ್ರಾರಂಭವಾಗಿ ಜನವರಿ 31, 2026 ರವರೆಗೆ ನಡೆಯಲಿದ್ದು, ಆಸಕ್ತರು ವಲಯ ಅರಣ್ಯಾಧಿಕಾರಿಗಳ ಕಚೇರಿಯಲ್ಲಿ ಮಧ್ಯಾಹ್ನ 3 ಗಂಟೆಗೆ ಹಾಜರಾಗಬಹುದು. ಹೆಚ್ಚಿನ ವಿವರಗಳಿಗಾಗಿ ದೂರವಾಣಿ ಸಂಖ್ಯೆ 0836-2447092 ಗೆ ಸಂಪರ್ಕಿಸಬಹುದು ಎಂದು ಪ್ರಕಟಣೆ ತಿಳಿಸಿದೆ.
ಭಾರತದ ಅಪ್ರತಿಮ ಸ್ವಾತಂತ್ರ್ಯ ಹೋರಾಟಗಾರ, ಸುಭಾಷ್ ಚಂದ್ರ ಬೋಸ್
ಚಿಕ್ಕಳಿ (ಲೋಕೂರ): ಸಮೀಪದ ಚಿಕ್ಕಳಿ ಗ್ರಾಮದ ಸರ್ಕಾರಿ ಶಾಲೆಯಲ್ಲಿ ಗಣರಾಜ್ಯೋತ್ಸವದ ಅಂಗವಾಗಿ ಜನವರಿ 23, ಶುಕ್ರವಾರದಂದು ಭಾರತದ ಅಪ್ರತಿಮ ಸ್ವಾತಂತ್ರ್ಯ ಹೋರಾಟಗಾರ, 'ಆಜಾದ್ ಹಿಂದ್ ಫೌಜ್' ಸ್ಥಾಪಕ ನೇತಾಜಿ ಸುಭಾಷ್ ಚಂದ್ರ ಬೋಸ್ ಅವರ 129ನೇ ಜನ್ಮದಿನಾಚರಣೆಯನ್ನು 'ಪರಾಕ್ರಮ ದಿವಸ್' ಆಗಿ ಆಚರಿಸಲಾಯಿತು. ಗ್ರಾಮದ ಜಿ.ಎಂ.ಬಿ.ಎಂ. ಬಾಲಕರ ಸರ್ಕಾರಿ ಮಾದರಿ ಪ್ರಾಥಮಿಕ ಶಾಲೆಯ ಮುಖ್ಯ ಶಿಕ್ಷಕರು ಹಾಗೂ ಶಿಕ್ಷಕ ವೃಂದ ಪುಷ್ಪಾರ್ಚನೆ ಮಾಡಿ ಗೌರವ ಸಲ್ಲಿಸಿದರು.
ಕಾರ್ಯಕ್ರಮದಲ್ಲಿ ನೇತಾಜಿ ಸುಭಾಷ್ ಚಂದ್ರ ಬೋಸ್ ಅವರ ಭಾವಚಿತ್ರಕ್ಕೆ ಪುಷ್ಪಾರ್ಚನೆ ಮಾಡಿ ಗೌರವ ಸಲ್ಲಿಸಲಾಯಿತು. ಈ ಸಂದರ್ಭದಲ್ಲಿ ಮಾತನಾಡಿದ ಶಿಕ್ಷಕರು ನೇತಾಜಿಯವರು ಭಾರತದ ಸ್ವಾತಂತ್ರ್ಯ ಸಂಗ್ರಾಮದ ಪ್ರಮುಖ ನಾಯಕರಾಗಿದ್ದು, "ನನಗೆ ರಕ್ತ ಕೊಡಿ, ನಾನು ನಿಮಗೆ ಸ್ವಾತಂತ್ರ್ಯ ಕೊಡುತ್ತೇನೆ" ಎಂಬ ಘೋಷಣೆಯ ಮೂಲಕ ಯುವಜನತೆಯಲ್ಲಿ ದೇಶಭಕ್ತಿಯ ಕಿಚ್ಚು ಹಚ್ಚಿದರು. ಅವರ ಜೀವನ ಮತ್ತು ಆದರ್ಶಗಳು ಇಂದಿನ ವಿದ್ಯಾರ್ಥಿಗಳಿಗೆ ಮಾದರಿ ಎಂದು ತಿಳಿಸಿದರು. ಬಾಲ ಸುಭಾಷರ ಸಾಹಸ ಪ್ರಸಂಗಗಳನ್ನು ವಿವರಿಸಿ ನೇತಾಜಿಯವರ ದೇಶಪ್ರೇಮದ ಕುರಿತು ಮಾಹಿತಿ ನೀಡಿದರು.
ವಿದ್ಯಾರ್ಥಿಗಳಿಗೆ ಬೋಧಿಸಲಾಯಿತು. ಮಕ್ಕಳು ಶಿಸ್ತಿನಿಂದ ದೇಶದ ಏಕತೆ ಮತ್ತು ಪ್ರಗತಿಗಾಗಿ ಶ್ರಮಿಸಲು ಸಂಕಲ್ಪ ಮಾಡಿದರು. ಈ ಸಂದರ್ಭದಲ್ಲಿ ಶಾಲಾಭಿವೃದ್ಧಿ ಸಮಿತಿ ಅಧ್ಯಕ್ಷರು, ಶಿಕ್ಷಕರಾದ ಎಸ್.ಸಿ. ಪಾಟೀಲ, ಎಂ.ಎಸ್. ಚೆಟ್ಟಿ, ಸಿ.ಎಸ್. ಪೊಲೀಸ್‌ಪಾಟೀಲ, ಎಸ್.ಎಂ. ದಿಂಡಲಕೊಪ್ಪ, ಎಂ.ಎಂ. ಕುಂಬಾರ, ಎಚ್.ಡಿ. ದಾಸರ, ಜಿ.ಡಿ. ಮುಳಗುಂದ, ಕೆ.ಎಂ. ಸಂಗೊಳ್ಳಿ, ಎಸ್.ಡಿ. ಕೆರೂರ, ಎ.ಎಂ. ಸೂರ್ಯವಂಶಿ ಹಾಗೂ ಶಾಲೆಯ ಎಲ್ಲಾ ವಿದ್ಯಾರ್ಥಿಗಳು ಉಪಸ್ಥಿತರಿದ್ದರು.
